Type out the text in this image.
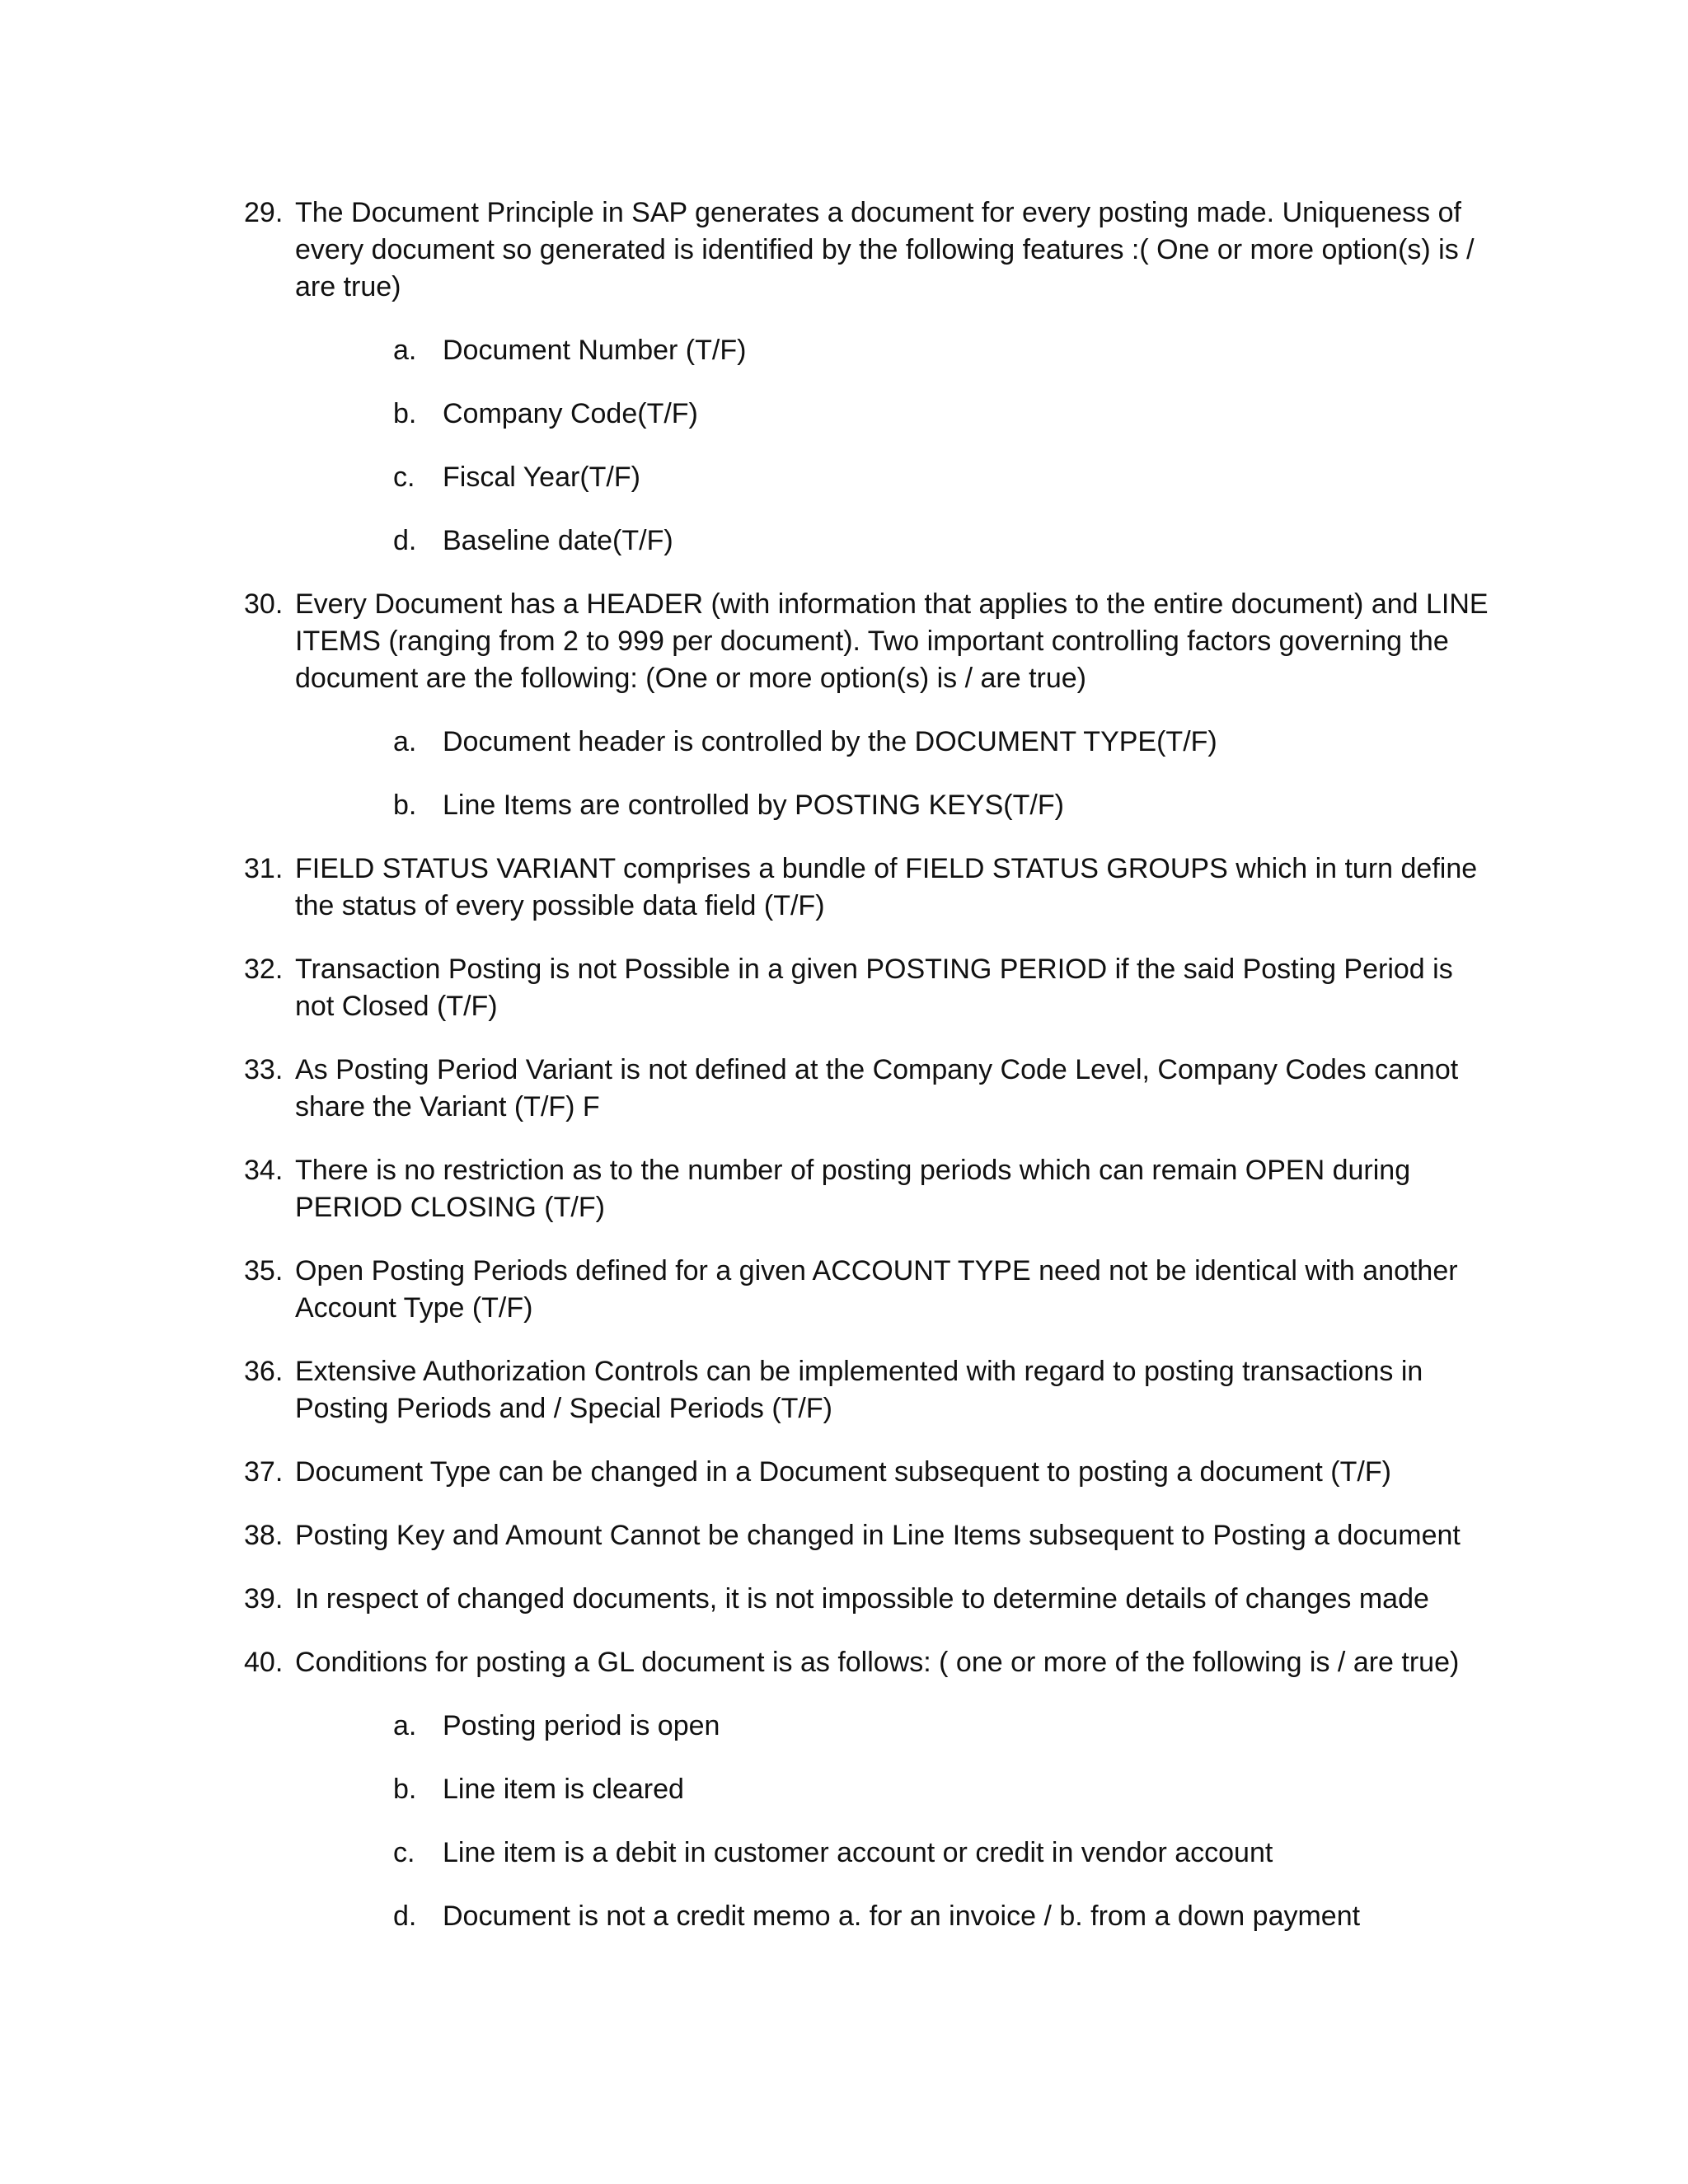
29. The Document Principle in SAP generates a document for every posting made. Uniqueness of every document so generated is identified by the following features :( One or more option(s) is / are true)
a. Document Number (T/F)
b. Company Code(T/F)
c. Fiscal Year(T/F)
d. Baseline date(T/F)
30. Every Document has a HEADER (with information that applies to the entire document) and LINE ITEMS (ranging from 2 to 999 per document). Two important controlling factors governing the document are the following: (One or more option(s) is / are true)
a. Document header is controlled by the DOCUMENT TYPE(T/F)
b. Line Items are controlled by POSTING KEYS(T/F)
31. FIELD STATUS VARIANT comprises a bundle of FIELD STATUS GROUPS which in turn define the status of every possible data field (T/F)
32. Transaction Posting is not Possible in a given POSTING PERIOD if the said Posting Period is not Closed (T/F)
33. As Posting Period Variant is not defined at the Company Code Level, Company Codes cannot share the Variant (T/F) F
34. There is no restriction as to the number of posting periods which can remain OPEN during PERIOD CLOSING (T/F)
35. Open Posting Periods defined for a given ACCOUNT TYPE need not be identical with another Account Type (T/F)
36. Extensive Authorization Controls can be implemented with regard to posting transactions in Posting Periods and / Special Periods (T/F)
37. Document Type can be changed in a Document subsequent to posting a document (T/F)
38. Posting Key and Amount Cannot be changed in Line Items subsequent to Posting a document
39. In respect of changed documents, it is not impossible to determine details of changes made
40. Conditions for posting a GL document is as follows: ( one or more of the following is / are true)
a. Posting period is open
b. Line item is cleared
c. Line item is a debit in customer account or credit in vendor account
d. Document is not a credit memo a. for an invoice / b. from a down payment
